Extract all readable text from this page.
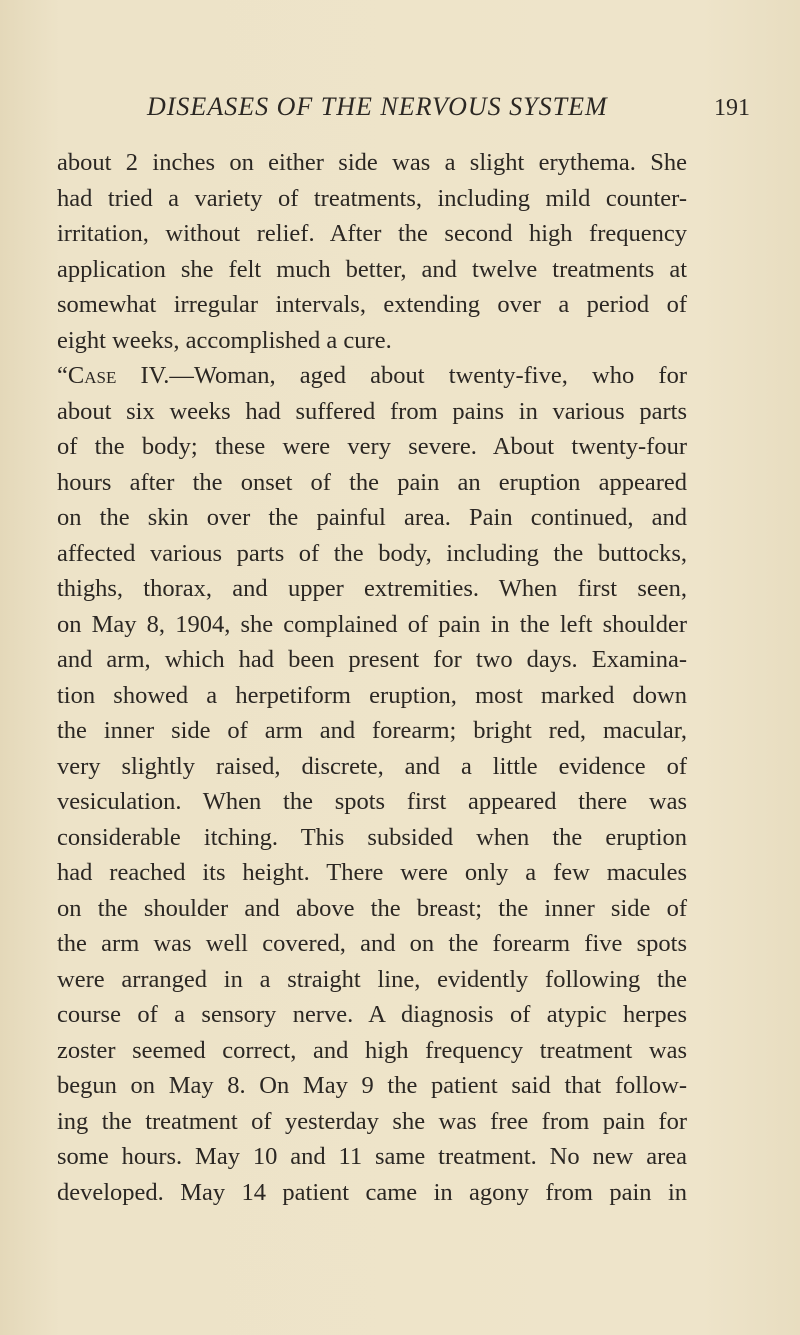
DISEASES OF THE NERVOUS SYSTEM	191
about 2 inches on either side was a slight erythema. She
had tried a variety of treatments, including mild counter-
irritation, without relief. After the second high frequency
application she felt much better, and twelve treatments at
somewhat irregular intervals, extending over a period of
eight weeks, accomplished a cure.
“Case IV.—Woman, aged about twenty-five, who for
about six weeks had suffered from pains in various parts
of the body; these were very severe. About twenty-four
hours after the onset of the pain an eruption appeared
on the skin over the painful area. Pain continued, and
affected various parts of the body, including the buttocks,
thighs, thorax, and upper extremities. When first seen,
on May 8, 1904, she complained of pain in the left shoulder
and arm, which had been present for two days. Examina-
tion showed a herpetiform eruption, most marked down
the inner side of arm and forearm; bright red, macular,
very slightly raised, discrete, and a little evidence of
vesiculation. When the spots first appeared there was
considerable itching. This subsided when the eruption
had reached its height. There were only a few macules
on the shoulder and above the breast; the inner side of
the arm was well covered, and on the forearm five spots
were arranged in a straight line, evidently following the
course of a sensory nerve. A diagnosis of atypic herpes
zoster seemed correct, and high frequency treatment was
begun on May 8. On May 9 the patient said that follow-
ing the treatment of yesterday she was free from pain for
some hours. May 10 and 11 same treatment. No new area
developed. May 14 patient came in agony from pain in
